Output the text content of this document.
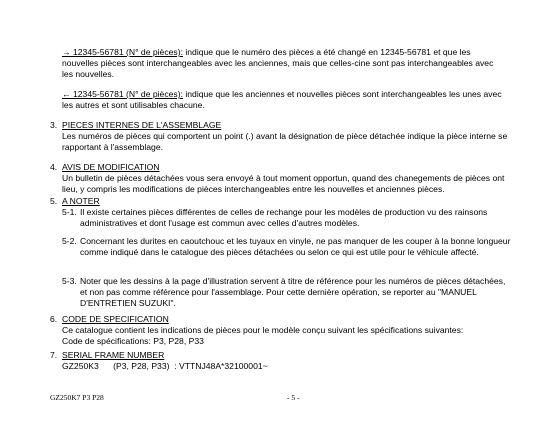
→ 12345-56781 (N° de pièces): indique que le numéro des pièces a été changé en 12345-56781 et que les nouvelles pièces sont interchangeables avec les anciennes, mais que celles-cine sont pas interchangeables avec les nouvelles.
← 12345-56781 (N° de pièces): indique que les anciennes et nouvelles pièces sont interchangeables les unes avec les autres et sont utilisables chacune.
3. PIECES INTERNES DE L'ASSEMBLAGE
Les numéros de pièces qui comportent un point (.) avant la désignation de pièce détachée indique la pièce interne se rapportant à l'assemblage.
4. AVIS DE MODIFICATION
Un bulletin de pièces détachées vous sera envoyé à tout moment opportun, quand des chanegements de pièces ont lieu, y compris les modifications de pièces interchangeables entre les nouvelles et anciennes pièces.
5. A NOTER
5-1. Il existe certaines pièces différentes de celles de rechange pour les modèles de production vu des rainsons administratives et dont l'usage est commun avec celles d'autres modèles.
5-2. Concernant les durites en caoutchouc et les tuyaux en vinyle, ne pas manquer de les couper à la bonne longueur comme indiqué dans le catalogue des pièces détachées ou selon ce qui est utile pour le véhicule affecté.
5-3. Noter que les dessins à la page d'illustration servent à titre de référence pour les numéros de pièces détachées, et non pas comme référence pour l'assemblage. Pour cette dernière opération, se reporter au "MANUEL D'ENTRETIEN SUZUKI".
6. CODE DE SPECIFICATION
Ce catalogue contient les indications de pièces pour le modèle conçu suivant les spécifications suivantes:
Code de spécifications: P3, P28, P33
7. SERIAL FRAME NUMBER
GZ250K3      (P3, P28, P33)  : VTTNJ48A*32100001~
GZ250K7 P3 P28	- 5 -
